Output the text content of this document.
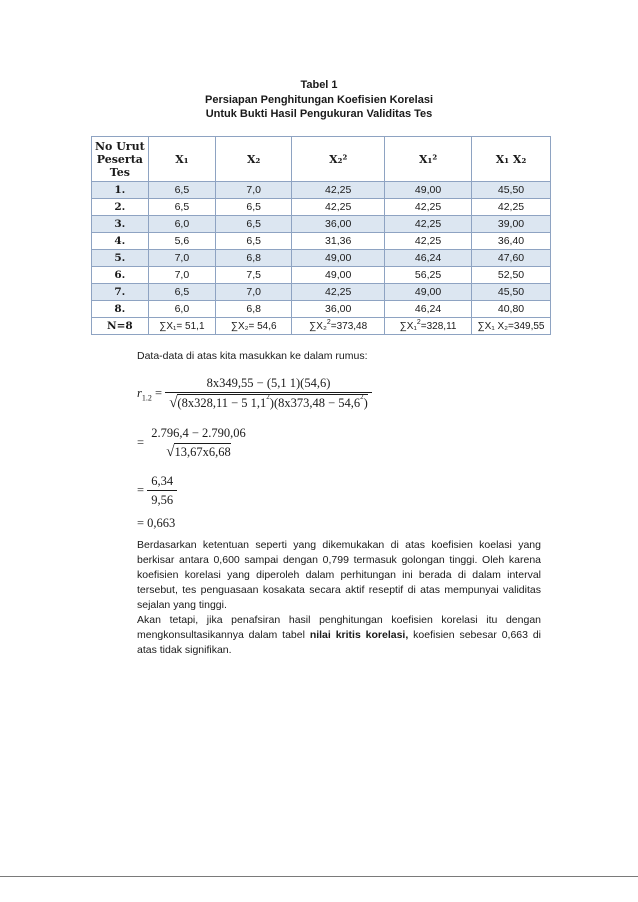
Tabel 1
Persiapan Penghitungan Koefisien Korelasi
Untuk Bukti Hasil Pengukuran Validitas Tes
No Urut Peserta Tes	X₁	X₂	X₂²	X₁²	X₁ X₂
1.	6,5	7,0	42,25	49,00	45,50
2.	6,5	6,5	42,25	42,25	42,25
3.	6,0	6,5	36,00	42,25	39,00
4.	5,6	6,5	31,36	42,25	36,40
5.	7,0	6,8	49,00	46,24	47,60
6.	7,0	7,5	49,00	56,25	52,50
7.	6,5	7,0	42,25	49,00	45,50
8.	6,0	6,8	36,00	46,24	40,80
N=8	∑X₁= 51,1	∑X₂= 54,6	∑X₂$^2$=373,48	∑X₁$^2$=328,11	∑X₁ X₂=349,55
Data-data di atas kita masukkan ke dalam rumus:
$r_{1.2} = \frac{8x349,55 - (5,1 1)(54,6)}{√(8x328,11 - 5 1,1^2)(8x373,48 - 54,6^2)}$
=
2.796,4 − 2.790,06
√13,67x6,68
= $\frac{6,34}{9,56}$
= 0,663
Berdasarkan ketentuan seperti yang dikemukakan di atas koefisien koelasi yang berkisar antara 0,600 sampai dengan 0,799 termasuk golongan tinggi. Oleh karena koefisien korelasi yang diperoleh dalam perhitungan ini berada di dalam interval tersebut, tes penguasaan kosakata secara aktif reseptif di atas mempunyai validitas sejalan yang tinggi.
Akan tetapi, jika penafsiran hasil penghitungan koefisien korelasi itu dengan mengkonsultasikannya dalam tabel nilai kritis korelasi, koefisien sebesar 0,663 di atas tidak signifikan.
